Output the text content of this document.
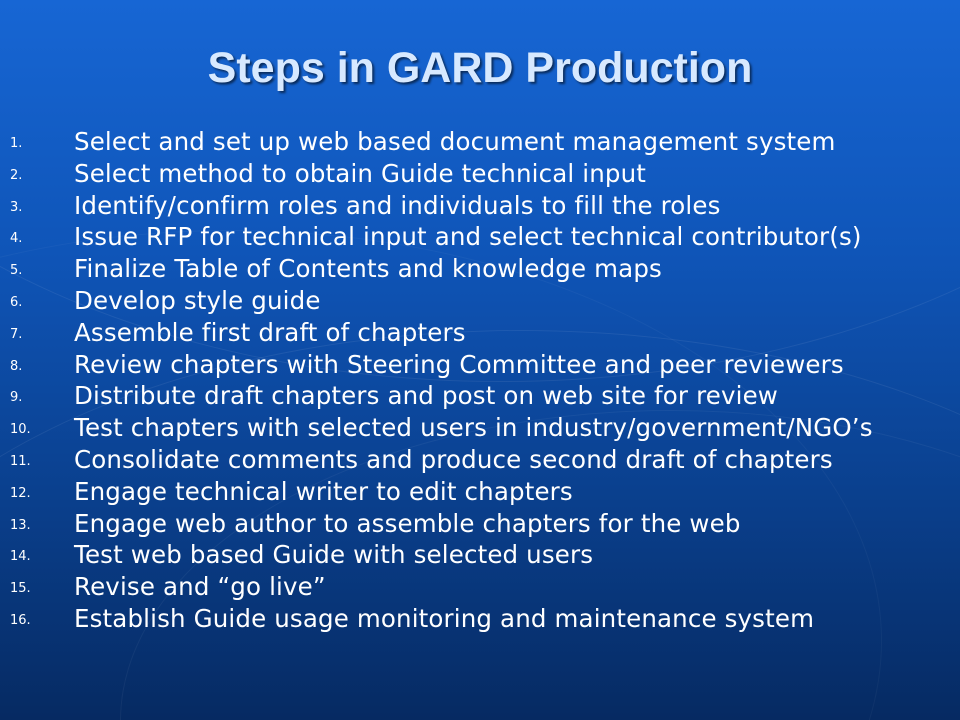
Steps in GARD Production
1. Select and set up web based document management system
2. Select method to obtain Guide technical input
3. Identify/confirm roles and individuals to fill the roles
4. Issue RFP for technical input and select technical contributor(s)
5. Finalize Table of Contents and knowledge maps
6. Develop style guide
7. Assemble first draft of chapters
8. Review chapters with Steering Committee and peer reviewers
9. Distribute draft chapters and post on web site for review
10. Test chapters with selected users in industry/government/NGO’s
11. Consolidate comments and produce second draft of chapters
12. Engage technical writer to edit chapters
13. Engage web author to assemble chapters for the web
14. Test web based Guide with selected users
15. Revise and “go live”
16. Establish Guide usage monitoring and maintenance system
